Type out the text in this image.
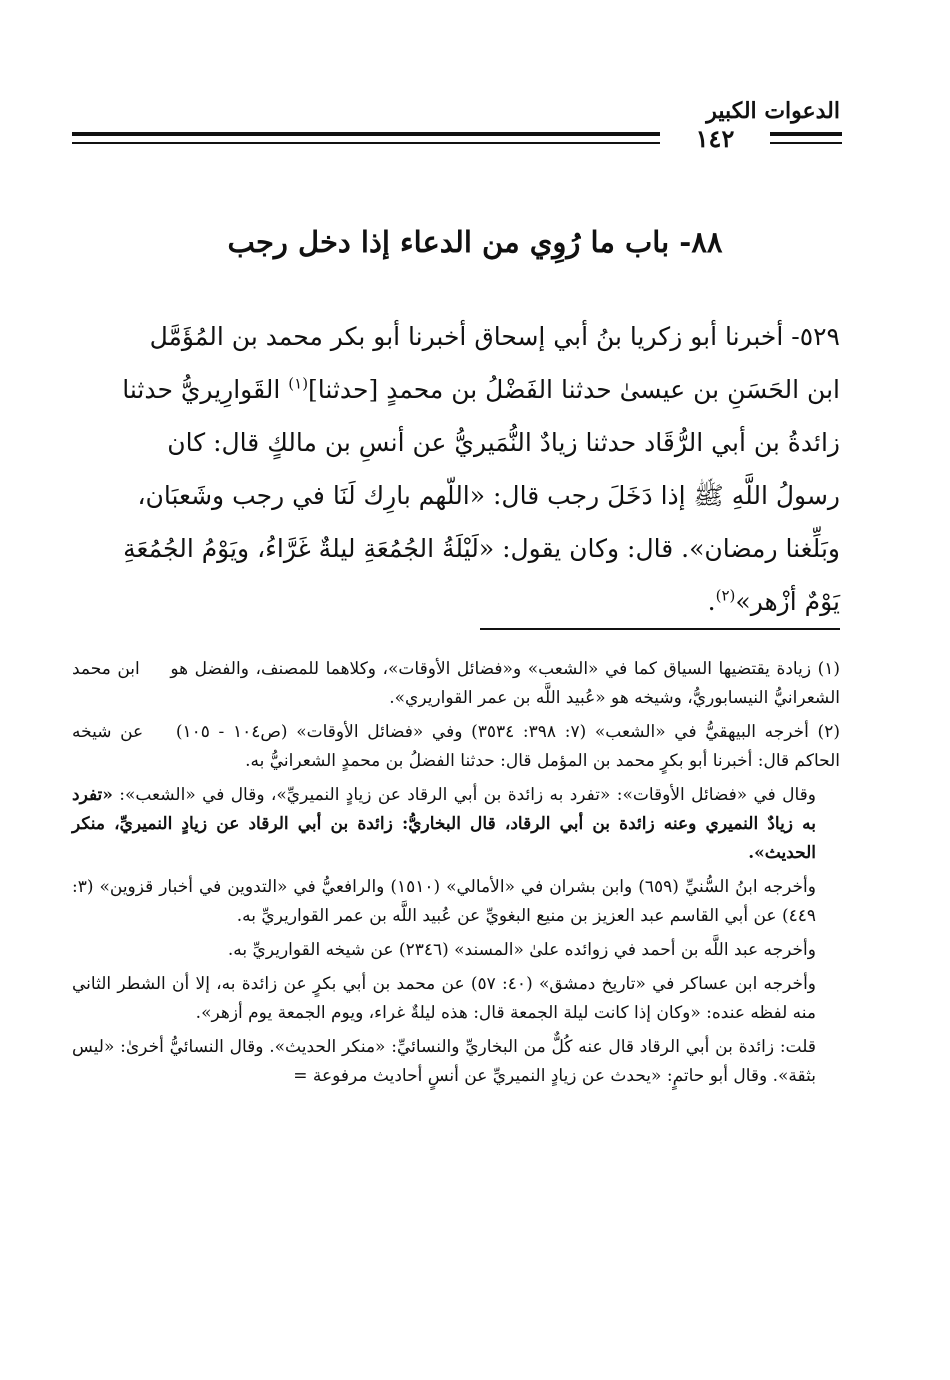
الدعوات الكبير
١٤٢
٨٨- باب ما رُوِي من الدعاء إذا دخل رجب

٥٢٩- أخبرنا أبو زكريا بنُ أبي إسحاق أخبرنا أبو بكر محمد بن المُؤَمَّل

ابن الحَسَنِ بن عيسىٰ حدثنا الفَضْلُ بن محمدٍ [حدثنا]$^{(١)}$ القَوارِيريُّ حدثنا

زائدةُ بن أبي الرُّقَاد حدثنا زيادٌ النُّمَيريُّ عن أنسِ بن مالكٍ قال: كان

رسولُ اللَّهِ ﷺ إذا دَخَلَ رجب قال: «اللّهم بارِك لَنَا في رجب وشَعبَان،

وبَلِّغنا رمضان». قال: وكان يقول: «لَيْلَةُ الجُمُعَةِ ليلةٌ غَرَّاءُ، ويَوْمُ الجُمُعَةِ

يَوْمٌ أزْهر»$^{(٢)}$.

(١) زيادة يقتضيها السياق كما في «الشعب» و«فضائل الأوقات»، وكلاهما للمصنف، والفضل هو ابن محمد الشعرانيُّ النيسابوريُّ، وشيخه هو «عُبيد اللَّه بن عمر القواريري».

(٢) أخرجه البيهقيُّ في «الشعب» (٧: ٣٩٨: ٣٥٣٤) وفي «فضائل الأوقات» (ص١٠٤ - ١٠٥) عن شيخه الحاكم قال: أخبرنا أبو بكرٍ محمد بن المؤمل قال: حدثنا الفضلُ بن محمدٍ الشعرانيُّ به.

وقال في «فضائل الأوقات»: «تفرد به زائدة بن أبي الرقاد عن زيادٍ النميريِّ»، وقال في «الشعب»: «تفرد به زيادٌ النميري وعنه زائدة بن أبي الرقاد، قال البخاريُّ: زائدة بن أبي الرقاد عن زيادٍ النميريِّ، منكر الحديث».

وأخرجه ابنُ السُّنيِّ (٦٥٩) وابن بشران في «الأمالي» (١٥١٠) والرافعيُّ في «التدوين في أخبار قزوين» (٣: ٤٤٩) عن أبي القاسم عبد العزيز بن منيع البغويِّ عن عُبيد اللَّه بن عمر القواريريِّ به.

وأخرجه عبد اللَّه بن أحمد في زوائده علىٰ «المسند» (٢٣٤٦) عن شيخه القواريريِّ به.

وأخرجه ابن عساكر في «تاريخ دمشق» (٤٠: ٥٧) عن محمد بن أبي بكرٍ عن زائدة به، إلا أن الشطر الثاني منه لفظه عنده: «وكان إذا كانت ليلة الجمعة قال: هذه ليلةٌ غراء، ويوم الجمعة يوم أزهر».

قلت: زائدة بن أبي الرقاد قال عنه كُلٌّ من البخاريِّ والنسائيِّ: «منكر الحديث». وقال النسائيُّ أخرىٰ: «ليس بثقة». وقال أبو حاتمٍ: «يحدث عن زيادٍ النميريِّ عن أنسٍ أحاديث مرفوعة =
